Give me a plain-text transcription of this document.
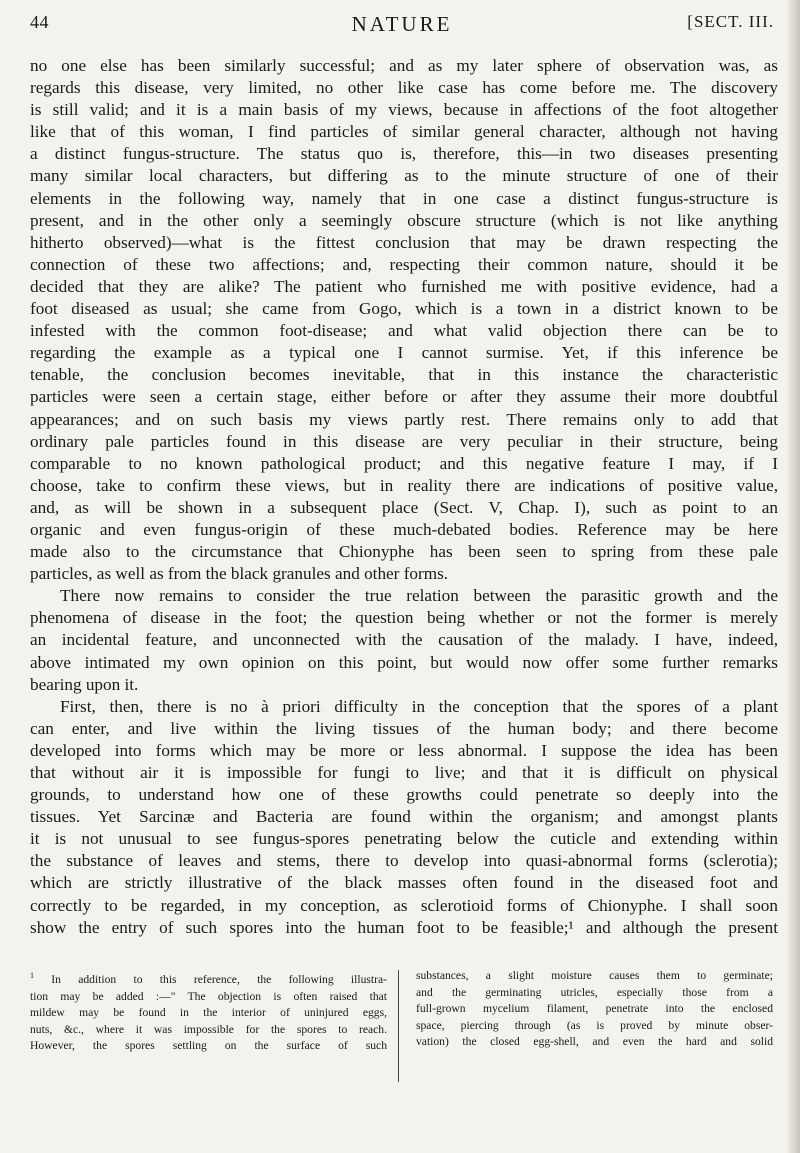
44	NATURE	[SECT. III.

no one else has been similarly successful; and as my later sphere of observation was, as
regards this disease, very limited, no other like case has come before me. The discovery
is still valid; and it is a main basis of my views, because in affections of the foot altogether
like that of this woman, I find particles of similar general character, although not having
a distinct fungus-structure. The status quo is, therefore, this—in two diseases presenting
many similar local characters, but differing as to the minute structure of one of their
elements in the following way, namely that in one case a distinct fungus-structure is
present, and in the other only a seemingly obscure structure (which is not like anything
hitherto observed)—what is the fittest conclusion that may be drawn respecting the
connection of these two affections; and, respecting their common nature, should it be
decided that they are alike? The patient who furnished me with positive evidence, had a
foot diseased as usual; she came from Gogo, which is a town in a district known to be
infested with the common foot-disease; and what valid objection there can be to
regarding the example as a typical one I cannot surmise. Yet, if this inference be
tenable, the conclusion becomes inevitable, that in this instance the characteristic
particles were seen a certain stage, either before or after they assume their more doubtful
appearances; and on such basis my views partly rest. There remains only to add that
ordinary pale particles found in this disease are very peculiar in their structure, being
comparable to no known pathological product; and this negative feature I may, if I
choose, take to confirm these views, but in reality there are indications of positive value,
and, as will be shown in a subsequent place (Sect. V, Chap. I), such as point to an
organic and even fungus-origin of these much-debated bodies. Reference may be here
made also to the circumstance that Chionyphe has been seen to spring from these pale
particles, as well as from the black granules and other forms.

There now remains to consider the true relation between the parasitic growth and the
phenomena of disease in the foot; the question being whether or not the former is merely
an incidental feature, and unconnected with the causation of the malady. I have, indeed,
above intimated my own opinion on this point, but would now offer some further remarks
bearing upon it.

First, then, there is no à priori difficulty in the conception that the spores of a plant
can enter, and live within the living tissues of the human body; and there become
developed into forms which may be more or less abnormal. I suppose the idea has been
that without air it is impossible for fungi to live; and that it is difficult on physical
grounds, to understand how one of these growths could penetrate so deeply into the
tissues. Yet Sarcinæ and Bacteria are found within the organism; and amongst plants
it is not unusual to see fungus-spores penetrating below the cuticle and extending within
the substance of leaves and stems, there to develop into quasi-abnormal forms (sclerotia);
which are strictly illustrative of the black masses often found in the diseased foot and
correctly to be regarded, in my conception, as sclerotioid forms of Chionyphe. I shall soon
show the entry of such spores into the human foot to be feasible;¹ and although the present

$^1$ In addition to this reference, the following illustra-
tion may be added :—" The objection is often raised that
mildew may be found in the interior of uninjured eggs,
nuts, &c., where it was impossible for the spores to reach.
However, the spores settling on the surface of such
substances, a slight moisture causes them to germinate;
and the germinating utricles, especially those from a
full-grown mycelium filament, penetrate into the enclosed
space, piercing through (as is proved by minute obser-
vation) the closed egg-shell, and even the hard and solid
